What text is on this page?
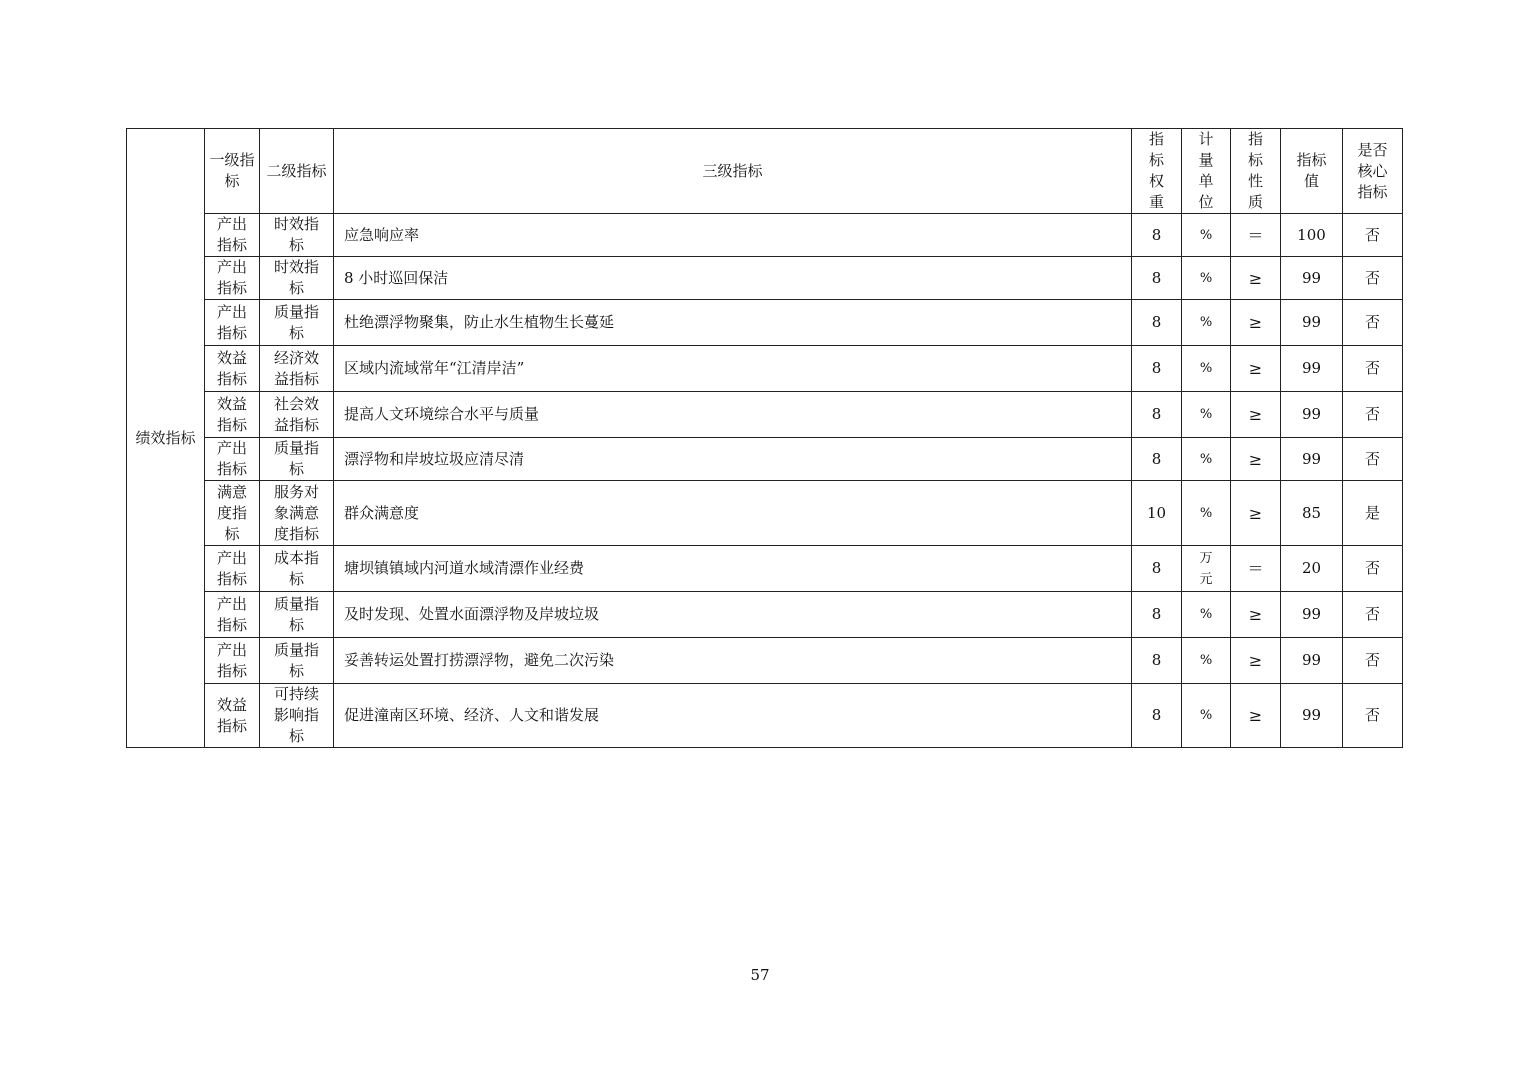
绩效指标	一级指标	二级指标	三级指标	指标权重	计量单位	指标性质	指标值	是否核心指标

	产出指标	时效指标	应急响应率	8	%	＝	100	否

	产出指标	时效指标	8 小时巡回保洁	8	%	≥	99	否

	产出指标	质量指标	杜绝漂浮物聚集，防止水生植物生长蔓延	8	%	≥	99	否

	效益指标	经济效益指标	区域内流域常年“江清岸洁”	8	%	≥	99	否

	效益指标	社会效益指标	提高人文环境综合水平与质量	8	%	≥	99	否

	产出指标	质量指标	漂浮物和岸坡垃圾应清尽清	8	%	≥	99	否

	满意度指标	服务对象满意度指标	群众满意度	10	%	≥	85	是

	产出指标	成本指标	塘坝镇镇域内河道水域清漂作业经费	8	万元	＝	20	否

	产出指标	质量指标	及时发现、处置水面漂浮物及岸坡垃圾	8	%	≥	99	否

	产出指标	质量指标	妥善转运处置打捞漂浮物，避免二次污染	8	%	≥	99	否

	效益指标	可持续影响指标	促进潼南区环境、经济、人文和谐发展	8	%	≥	99	否
57
